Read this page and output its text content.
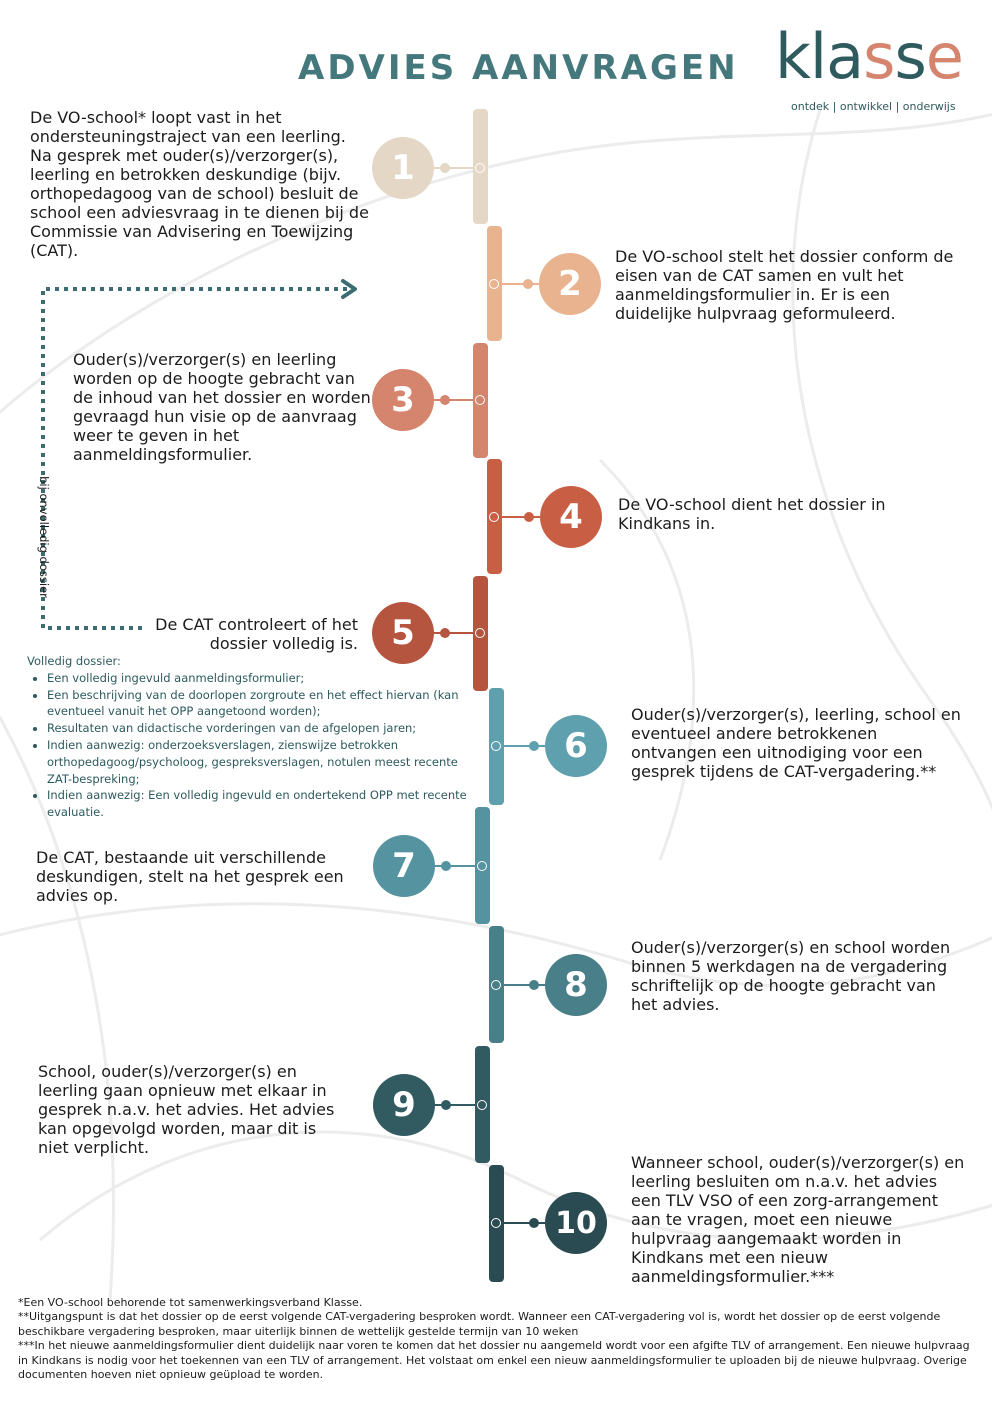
ADVIES AANVRAGEN klasse
ontdek | ontwikkel | onderwijs
1
2
3
4
5
6
7
8
9
10
De VO-school* loopt vast in het ondersteuningstraject van een leerling. Na gesprek met ouder(s)/verzorger(s), leerling en betrokken deskundige (bijv. orthopedagoog van de school) besluit de school een adviesvraag in te dienen bij de Commissie van Advisering en Toewijzing (CAT).	De VO-school stelt het dossier conform de eisen van de CAT samen en vult het aanmeldingsformulier in. Er is een duidelijke hulpvraag geformuleerd.
Ouder(s)/verzorger(s) en leerling worden op de hoogte gebracht van de inhoud van het dossier en worden gevraagd hun visie op de aanvraag weer te geven in het aanmeldingsformulier.
De VO-school dient het dossier in Kindkans in.
De CAT controleert of het dossier volledig is.
Ouder(s)/verzorger(s), leerling, school en eventueel andere betrokkenen ontvangen een uitnodiging voor een gesprek tijdens de CAT-vergadering.**
De CAT, bestaande uit verschillende deskundigen, stelt na het gesprek een advies op.
Ouder(s)/verzorger(s) en school worden binnen 5 werkdagen na de vergadering schriftelijk op de hoogte gebracht van het advies.
School, ouder(s)/verzorger(s) en leerling gaan opnieuw met elkaar in gesprek n.a.v. het advies. Het advies kan opgevolgd worden, maar dit is niet verplicht.
Wanneer school, ouder(s)/verzorger(s) en leerling besluiten om n.a.v. het advies een TLV VSO of een zorg-arrangement aan te vragen, moet een nieuwe hulpvraag aangemaakt worden in Kindkans met een nieuw aanmeldingsformulier.***
bij onvolledig dossier
Volledig dossier:
• Een volledig ingevuld aanmeldingsformulier;
• Een beschrijving van de doorlopen zorgroute en het effect hiervan (kan eventueel vanuit het OPP aangetoond worden);
• Resultaten van didactische vorderingen van de afgelopen jaren;
• Indien aanwezig: onderzoeksverslagen, zienswijze betrokken orthopedagoog/psycholoog, gespreksverslagen, notulen meest recente ZAT-bespreking;
• Indien aanwezig: Een volledig ingevuld en ondertekend OPP met recente evaluatie.

*Een VO-school behorende tot samenwerkingsverband Klasse.

**Uitgangspunt is dat het dossier op de eerst volgende CAT-vergadering besproken wordt. Wanneer een CAT-vergadering vol is, wordt het dossier op de eerst volgende beschikbare vergadering besproken, maar uiterlijk binnen de wettelijk gestelde termijn van 10 weken

***In het nieuwe aanmeldingsformulier dient duidelijk naar voren te komen dat het dossier nu aangemeld wordt voor een afgifte TLV of arrangement. Een nieuwe hulpvraag in Kindkans is nodig voor het toekennen van een TLV of arrangement. Het volstaat om enkel een nieuw aanmeldingsformulier te uploaden bij de nieuwe hulpvraag. Overige documenten hoeven niet opnieuw geüpload te worden.
